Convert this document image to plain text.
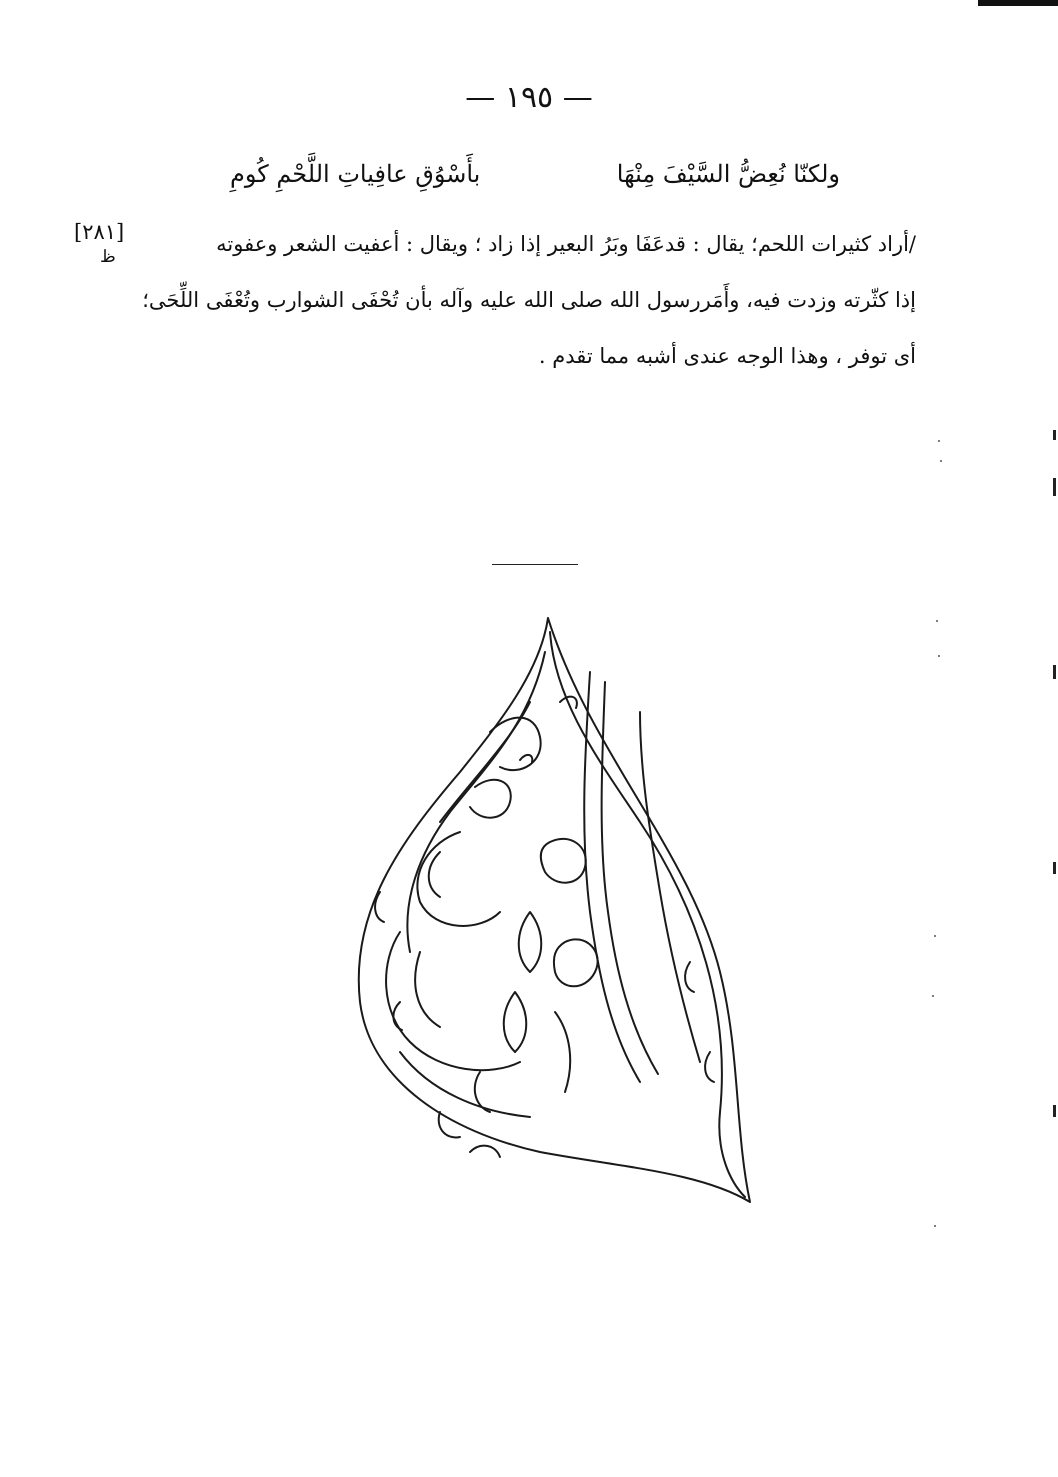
— ١٩٥ —
ولكنّا نُعِضُّ السَّيْفَ مِنْهَا
بأَسْوُقِ عافِياتِ اللَّحْمِ كُومِ
[٢٨١]
ظ
/أراد كثيرات اللحم؛ يقال : قدعَفَا وبَرُ البعير إذا زاد ؛ ويقال : أعفيت الشعر وعفوته
إذا كثّرته وزدت فيه، وأَمَررسول الله صلى الله عليه وآله بأن تُحْفَى الشوارب وتُعْفَى اللِّحَى؛
أى توفر ، وهذا الوجه عندى أشبه مما تقدم .
